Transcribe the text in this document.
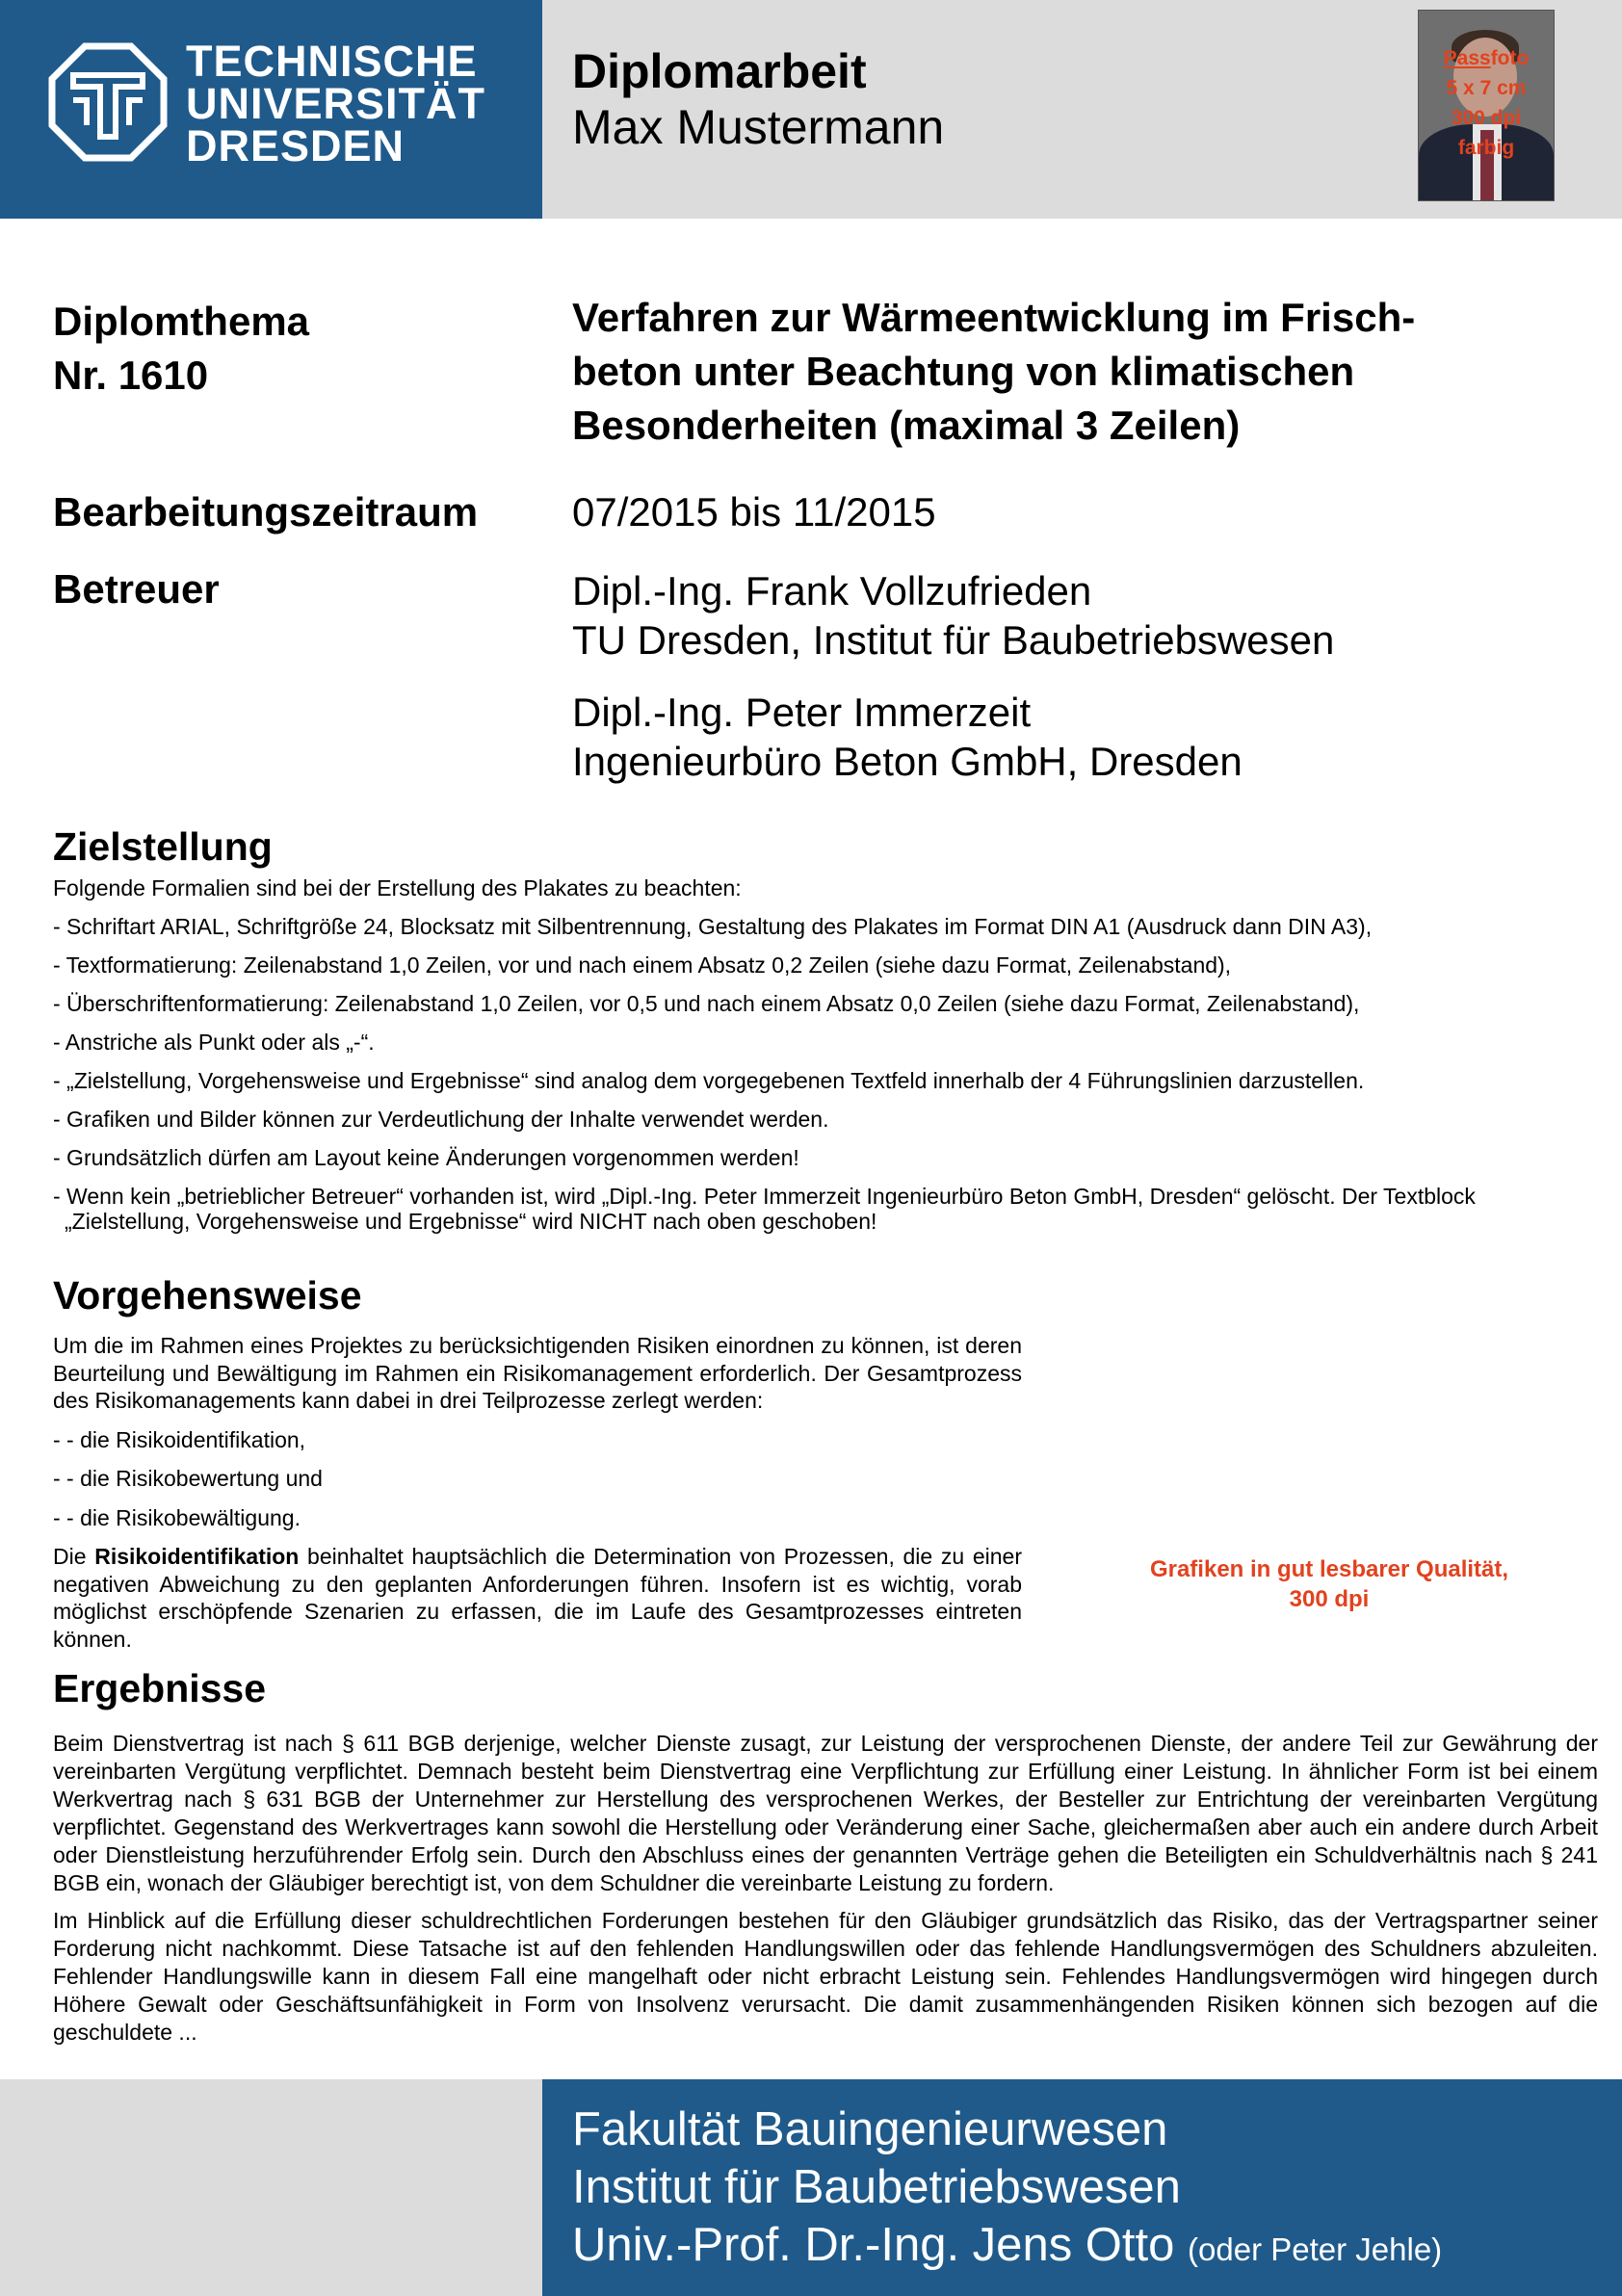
TECHNISCHE
UNIVERSITÄT
DRESDEN
Diplomarbeit
Max Mustermann
Passfoto
5 x 7 cm
300 dpi
farbig
Diplomthema
Nr. 1610
Verfahren zur Wärmeentwicklung im Frisch-
beton unter Beachtung von klimatischen
Besonderheiten (maximal 3 Zeilen)
Bearbeitungszeitraum 07/2015 bis 11/2015
Betreuer	Dipl.-Ing. Frank Vollzufrieden
TU Dresden, Institut für Baubetriebswesen
Dipl.-Ing. Peter Immerzeit
Ingenieurbüro Beton GmbH, Dresden
Zielstellung

Folgende Formalien sind bei der Erstellung des Plakates zu beachten:

- Schriftart ARIAL, Schriftgröße 24, Blocksatz mit Silbentrennung, Gestaltung des Plakates im Format DIN A1 (Ausdruck dann DIN A3),

- Textformatierung: Zeilenabstand 1,0 Zeilen, vor und nach einem Absatz 0,2 Zeilen (siehe dazu Format, Zeilenabstand),

- Überschriftenformatierung: Zeilenabstand 1,0 Zeilen, vor 0,5 und nach einem Absatz 0,0 Zeilen (siehe dazu Format, Zeilenabstand),

- Anstriche als Punkt oder als „-“.

- „Zielstellung, Vorgehensweise und Ergebnisse“ sind analog dem vorgegebenen Textfeld innerhalb der 4 Führungslinien darzustellen.

- Grafiken und Bilder können zur Verdeutlichung der Inhalte verwendet werden.

- Grundsätzlich dürfen am Layout keine Änderungen vorgenommen werden!

- Wenn kein „betrieblicher Betreuer“ vorhanden ist, wird „Dipl.-Ing. Peter Immerzeit Ingenieurbüro Beton GmbH, Dresden“ gelöscht. Der Textblock
„Zielstellung, Vorgehensweise und Ergebnisse“ wird NICHT nach oben geschoben!

Vorgehensweise

Um die im Rahmen eines Projektes zu berücksichtigenden Risiken einordnen zu können, ist deren Beurteilung und Bewältigung im Rahmen ein Risikomanagement erforderlich. Der Gesamtprozess des Risikomanagements kann dabei in drei Teilprozesse zerlegt werden:

- - die Risikoidentifikation,

- - die Risikobewertung und

- - die Risikobewältigung.

Die Risikoidentifikation beinhaltet hauptsächlich die Determination von Prozessen, die zu einer negativen Abweichung zu den geplanten Anforderungen führen. Insofern ist es wichtig, vorab möglichst erschöpfende Szenarien zu erfassen, die im Laufe des Gesamtprozesses eintreten können.

Grafiken in gut lesbarer Qualität,
300 dpi
Ergebnisse

Beim Dienstvertrag ist nach § 611 BGB derjenige, welcher Dienste zusagt, zur Leistung der versprochenen Dienste, der andere Teil zur Gewährung der vereinbarten Vergütung verpflichtet. Demnach besteht beim Dienstvertrag eine Verpflichtung zur Erfüllung einer Leistung. In ähnlicher Form ist bei einem Werkvertrag nach § 631 BGB der Unternehmer zur Herstellung des versprochenen Werkes, der Besteller zur Entrichtung der vereinbarten Vergütung verpflichtet. Gegenstand des Werkvertrages kann sowohl die Herstellung oder Veränderung einer Sache, gleichermaßen aber auch ein andere durch Arbeit oder Dienstleistung herzuführender Erfolg sein. Durch den Abschluss eines der genannten Verträge gehen die Beteiligten ein Schuldverhältnis nach § 241 BGB ein, wonach der Gläubiger berechtigt ist, von dem Schuldner die vereinbarte Leistung zu fordern.

Im Hinblick auf die Erfüllung dieser schuldrechtlichen Forderungen bestehen für den Gläubiger grundsätzlich das Risiko, das der Vertragspartner seiner Forderung nicht nachkommt. Diese Tatsache ist auf den fehlenden Handlungswillen oder das fehlende Handlungsvermögen des Schuldners abzuleiten. Fehlender Handlungswille kann in diesem Fall eine mangelhaft oder nicht erbracht Leistung sein. Fehlendes Handlungsvermögen wird hingegen durch Höhere Gewalt oder Geschäftsunfähigkeit in Form von Insolvenz verursacht. Die damit zusammenhängenden Risiken können sich bezogen auf die geschuldete ...

Fakultät Bauingenieurwesen
Institut für Baubetriebswesen
Univ.-Prof. Dr.-Ing. Jens Otto (oder Peter Jehle)
